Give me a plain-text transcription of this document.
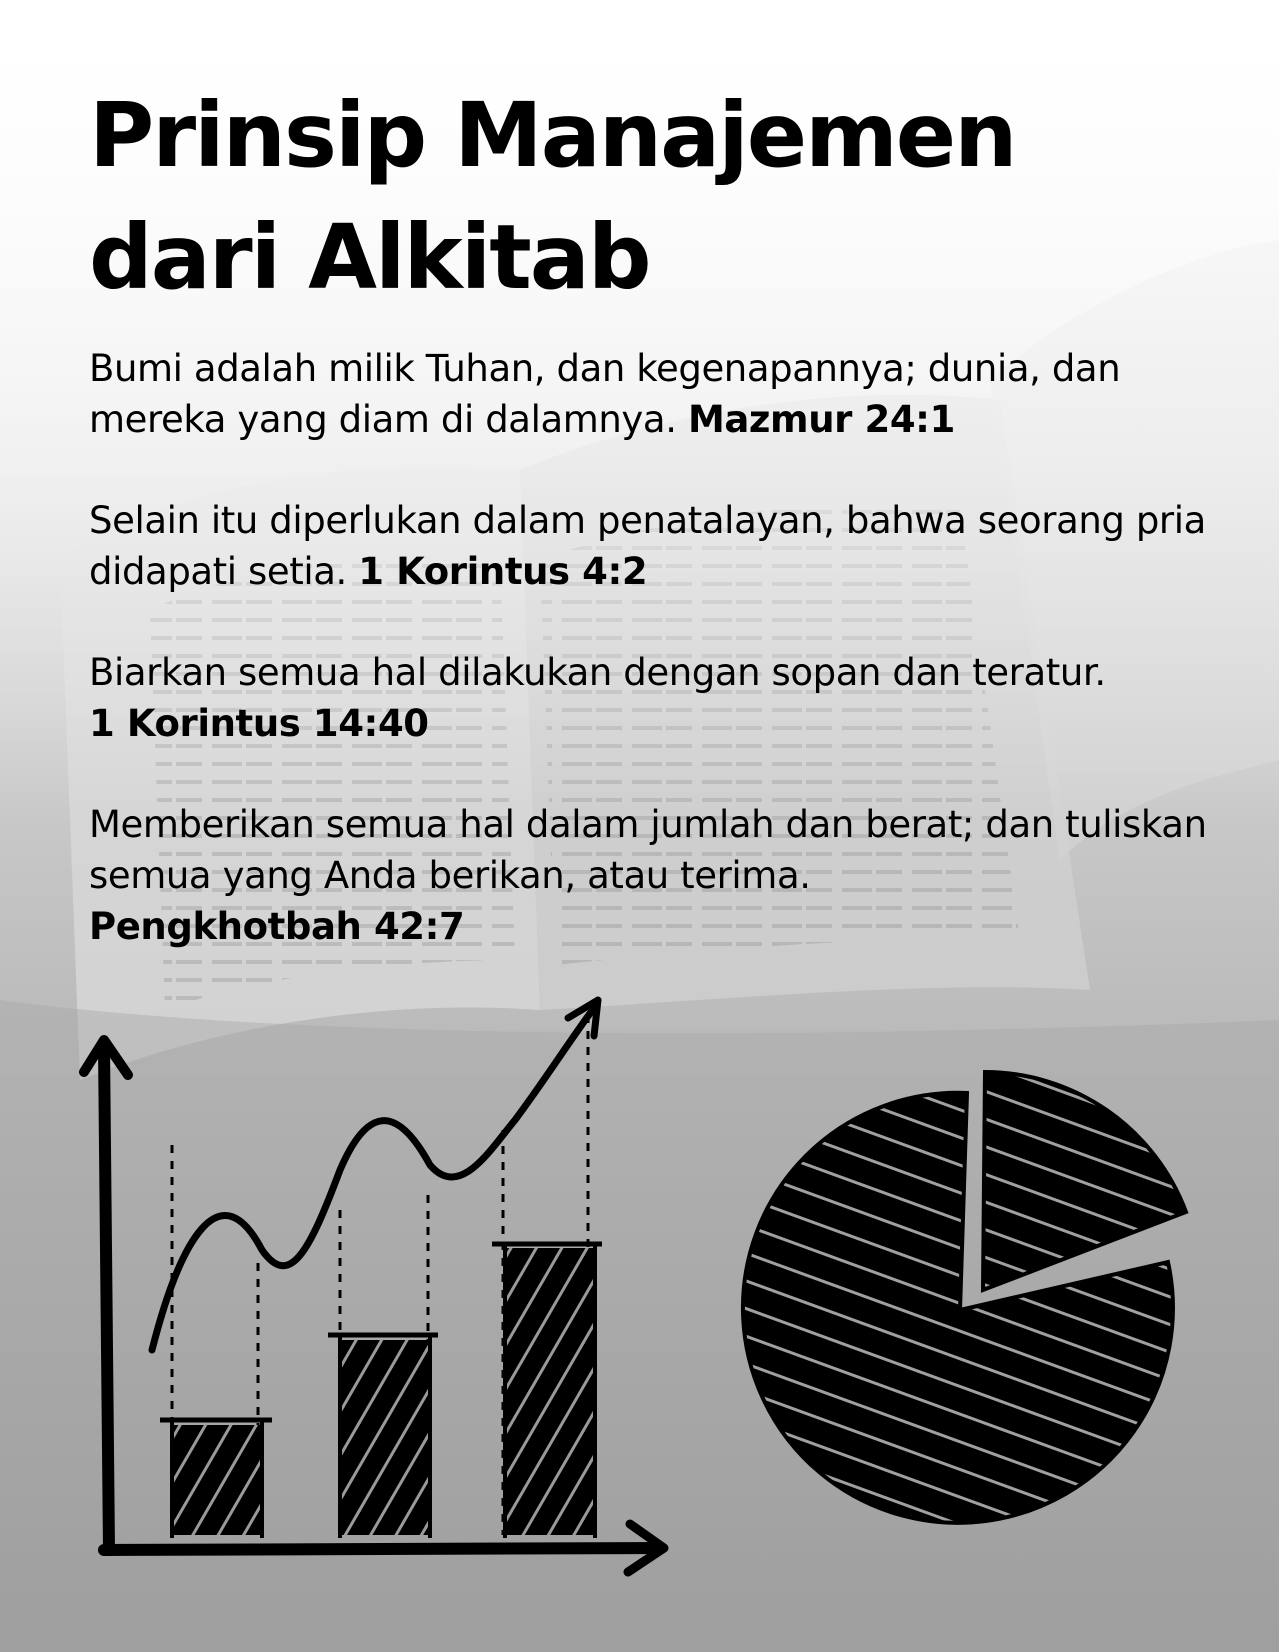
Prinsip Manajemen dari Alkitab

Bumi adalah milik Tuhan, dan kegenapannya; dunia, dan mereka yang diam di dalamnya. Mazmur 24:1

Selain itu diperlukan dalam penatalayan, bahwa seorang pria didapati setia. 1 Korintus 4:2

Biarkan semua hal dilakukan dengan sopan dan teratur.
1 Korintus 14:40

Memberikan semua hal dalam jumlah dan berat; dan tuliskan semua yang Anda berikan, atau terima.
Pengkhotbah 42:7
